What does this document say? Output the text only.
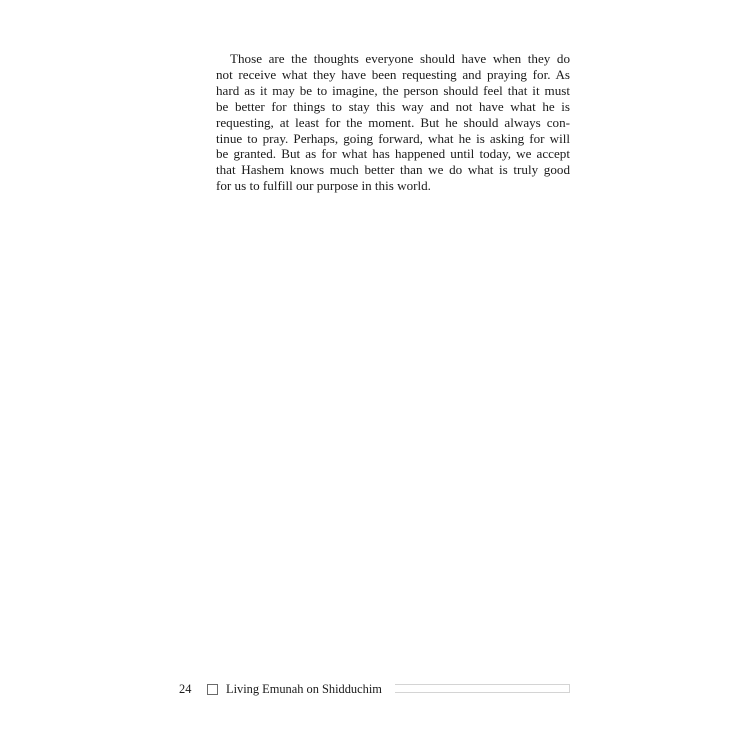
Those are the thoughts everyone should have when they do
not receive what they have been requesting and praying for. As
hard as it may be to imagine, the person should feel that it must
be better for things to stay this way and not have what he is
requesting, at least for the moment. But he should always con-
tinue to pray. Perhaps, going forward, what he is asking for will
be granted. But as for what has happened until today, we accept
that Hashem knows much better than we do what is truly good
for us to fulfill our purpose in this world.

24	Living Emunah on Shidduchim
